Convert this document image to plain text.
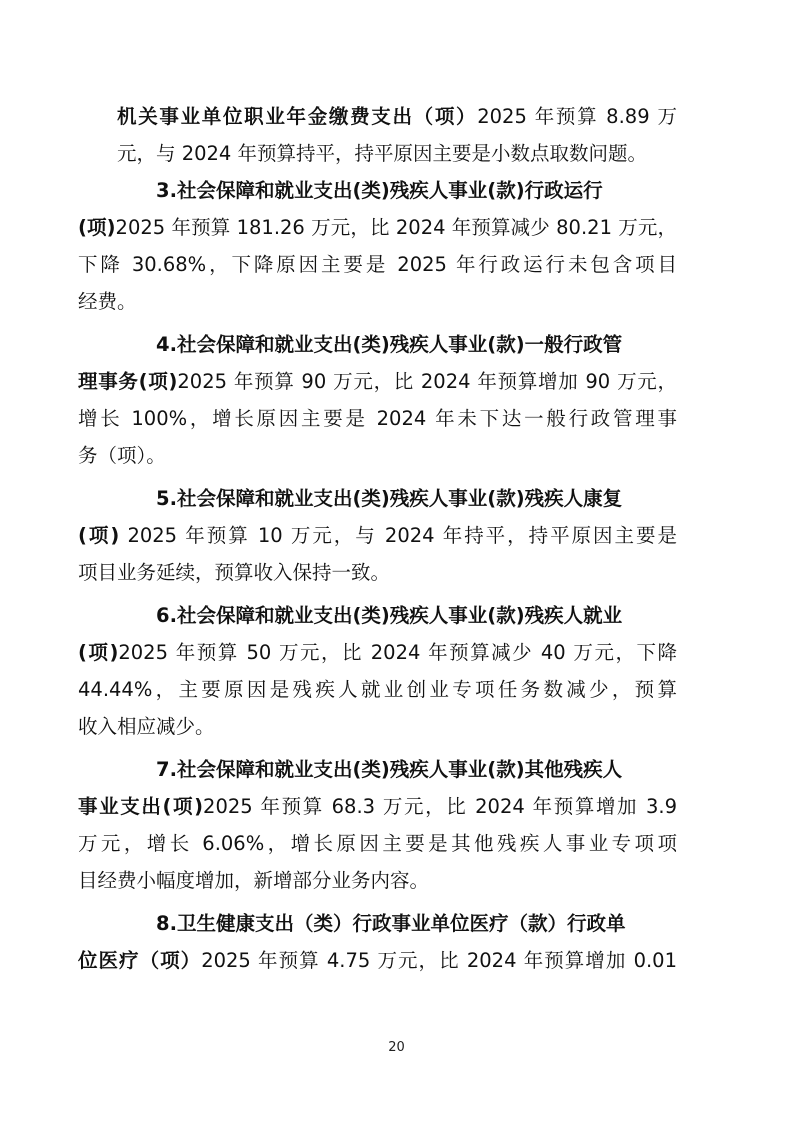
机关事业单位职业年金缴费支出（项）2025 年预算 8.89 万
元，与 2024 年预算持平，持平原因主要是小数点取数问题。

3.社会保障和就业支出(类)残疾人事业(款)行政运行
(项)2025 年预算 181.26 万元，比 2024 年预算减少 80.21 万元，
下降 30.68%，下降原因主要是 2025 年行政运行未包含项目
经费。

4.社会保障和就业支出(类)残疾人事业(款)一般行政管
理事务(项)2025 年预算 90 万元，比 2024 年预算增加 90 万元，
增长 100%，增长原因主要是 2024 年未下达一般行政管理事
务（项）。

5.社会保障和就业支出(类)残疾人事业(款)残疾人康复
(项) 2025 年预算 10 万元，与 2024 年持平，持平原因主要是
项目业务延续，预算收入保持一致。

6.社会保障和就业支出(类)残疾人事业(款)残疾人就业
(项)2025 年预算 50 万元，比 2024 年预算减少 40 万元，下降
44.44%，主要原因是残疾人就业创业专项任务数减少，预算
收入相应减少。

7.社会保障和就业支出(类)残疾人事业(款)其他残疾人
事业支出(项)2025 年预算 68.3 万元，比 2024 年预算增加 3.9
万元，增长 6.06%，增长原因主要是其他残疾人事业专项项
目经费小幅度增加，新增部分业务内容。

8.卫生健康支出（类）行政事业单位医疗（款）行政单
位医疗（项）2025 年预算 4.75 万元，比 2024 年预算增加 0.01

20
